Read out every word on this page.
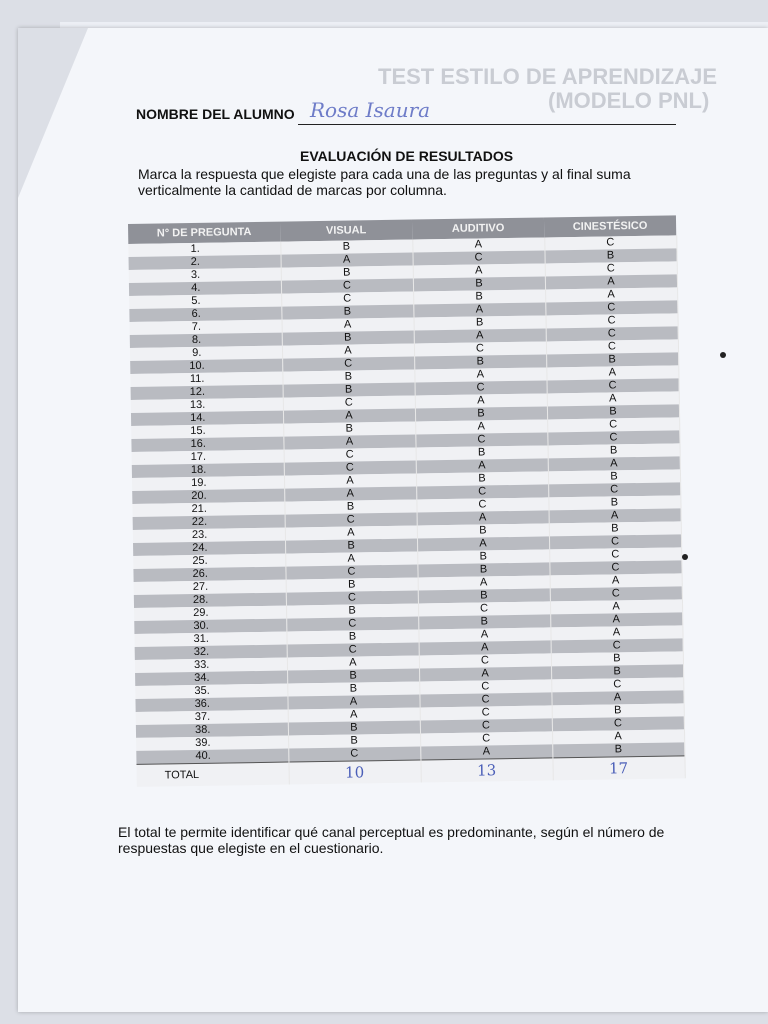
TEST ESTILO DE APRENDIZAJE
(MODELO PNL)
NOMBRE DEL ALUMNO Rosa Isaura
EVALUACIÓN DE RESULTADOS
Marca la respuesta que elegiste para cada una de las preguntas y al final suma verticalmente la cantidad de marcas por columna.
N° DE PREGUNTA	VISUAL	AUDITIVO	CINESTÉSICO
1.	B	A	C
2.	A	C	B
3.	B	A	C
4.	C	B	A
5.	C	B	A
6.	B	A	C
7.	A	B	C
8.	B	A	C
9.	A	C	C
10.	C	B	B
11.	B	A	A
12.	B	C	C
13.	C	A	A
14.	A	B	B
15.	B	A	C
16.	A	C	C
17.	C	B	B
18.	C	A	A
19.	A	B	B
20.	A	C	C
21.	B	C	B
22.	C	A	A
23.	A	B	B
24.	B	A	C
25.	A	B	C
26.	C	B	C
27.	B	A	A
28.	C	B	C
29.	B	C	A
30.	C	B	A
31.	B	A	A
32.	C	A	C
33.	A	C	B
34.	B	A	B
35.	B	C	C
36.	A	C	A
37.	A	C	B
38.	B	C	C
39.	B	C	A
40.	C	A	B
TOTAL	10	13	17
El total te permite identificar qué canal perceptual es predominante, según el número de respuestas que elegiste en el cuestionario.
